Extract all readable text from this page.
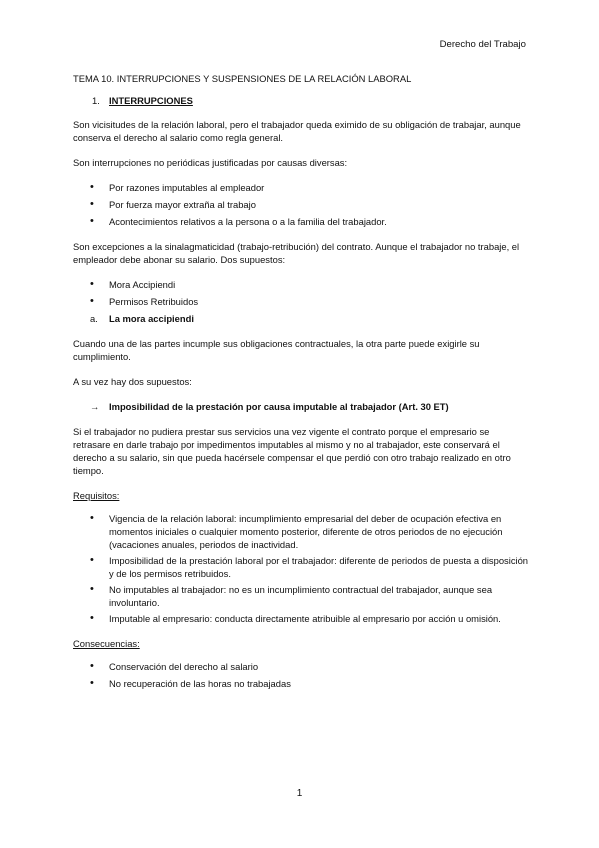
Derecho del Trabajo

TEMA 10. INTERRUPCIONES Y SUSPENSIONES DE LA RELACIÓN LABORAL

1. INTERRUPCIONES

Son vicisitudes de la relación laboral, pero el trabajador queda eximido de su obligación de trabajar, aunque conserva el derecho al salario como regla general.

Son interrupciones no periódicas justificadas por causas diversas:

• Por razones imputables al empleador
• Por fuerza mayor extraña al trabajo
• Acontecimientos relativos a la persona o a la familia del trabajador.

Son excepciones a la sinalagmaticidad (trabajo-retribución) del contrato. Aunque el trabajador no trabaje, el empleador debe abonar su salario. Dos supuestos:

• Mora Accipiendi
• Permisos Retribuidos
a. La mora accipiendi

Cuando una de las partes incumple sus obligaciones contractuales, la otra parte puede exigirle su cumplimiento.

A su vez hay dos supuestos:

→ Imposibilidad de la prestación por causa imputable al trabajador (Art. 30 ET)

Si el trabajador no pudiera prestar sus servicios una vez vigente el contrato porque el empresario se retrasare en darle trabajo por impedimentos imputables al mismo y no al trabajador, este conservará el derecho a su salario, sin que pueda hacérsele compensar el que perdió con otro trabajo realizado en otro tiempo.

Requisitos:

• Vigencia de la relación laboral: incumplimiento empresarial del deber de ocupación efectiva en momentos iniciales o cualquier momento posterior, diferente de otros periodos de no ejecución (vacaciones anuales, periodos de inactividad.
• Imposibilidad de la prestación laboral por el trabajador: diferente de periodos de puesta a disposición y de los permisos retribuidos.
• No imputables al trabajador: no es un incumplimiento contractual del trabajador, aunque sea involuntario.
• Imputable al empresario: conducta directamente atribuible al empresario por acción u omisión.

Consecuencias:

• Conservación del derecho al salario
• No recuperación de las horas no trabajadas
1
